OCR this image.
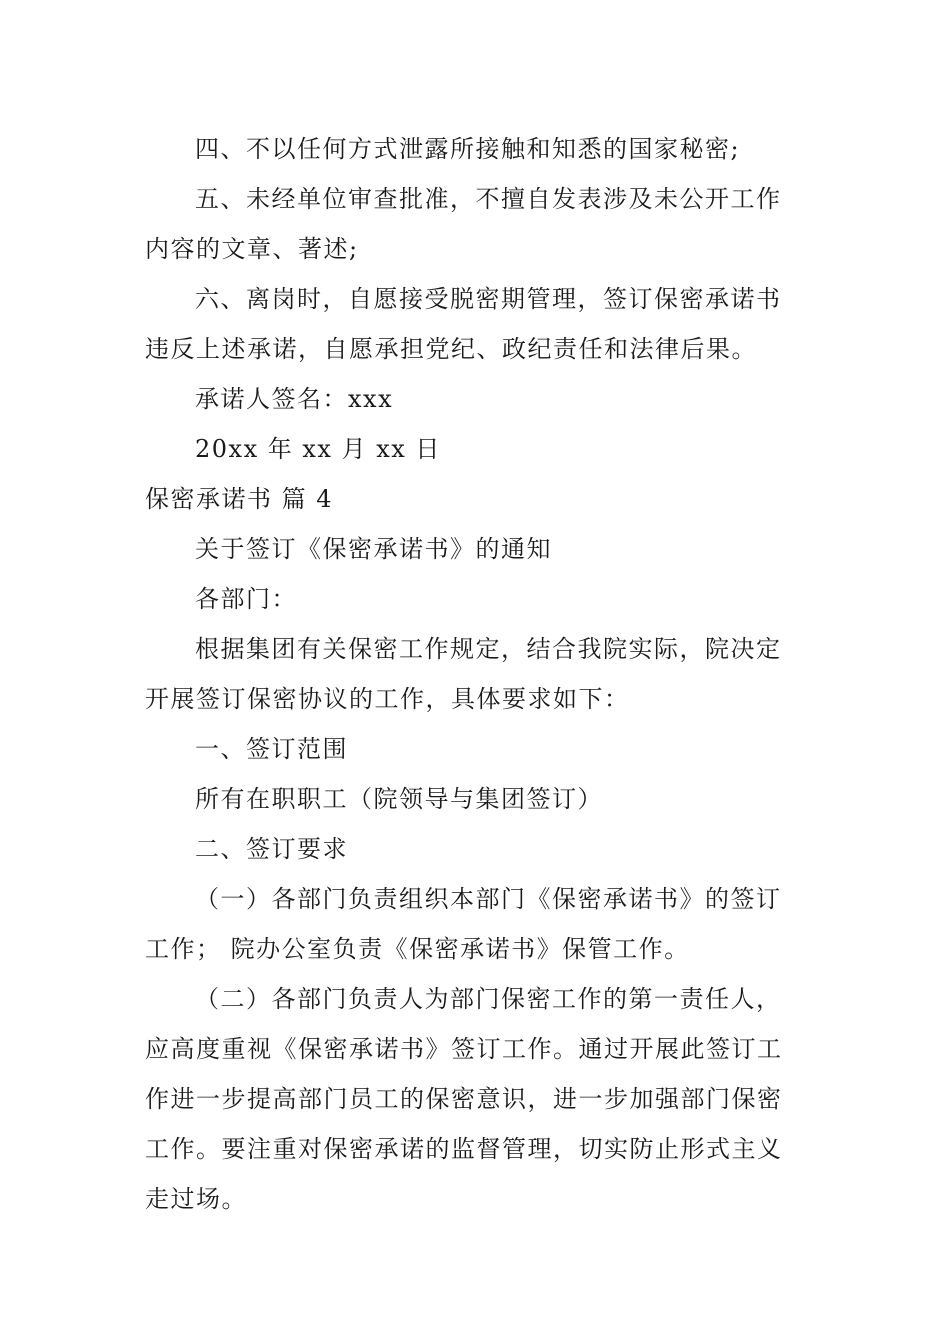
四、不以任何方式泄露所接触和知悉的国家秘密;
五、未经单位审查批准，不擅自发表涉及未公开工作
内容的文章、著述;
六、离岗时，自愿接受脱密期管理，签订保密承诺书
违反上述承诺，自愿承担党纪、政纪责任和法律后果。
承诺人签名：xxx
20xx 年 xx 月 xx 日
保密承诺书 篇 4
关于签订《保密承诺书》的通知
各部门：
根据集团有关保密工作规定，结合我院实际，院决定
开展签订保密协议的工作，具体要求如下：
一、签订范围
所有在职职工（院领导与集团签订）
二、签订要求
（一）各部门负责组织本部门《保密承诺书》的签订
工作； 院办公室负责《保密承诺书》保管工作。
（二）各部门负责人为部门保密工作的第一责任人，
应高度重视《保密承诺书》签订工作。通过开展此签订工
作进一步提高部门员工的保密意识，进一步加强部门保密
工作。要注重对保密承诺的监督管理，切实防止形式主义
走过场。
